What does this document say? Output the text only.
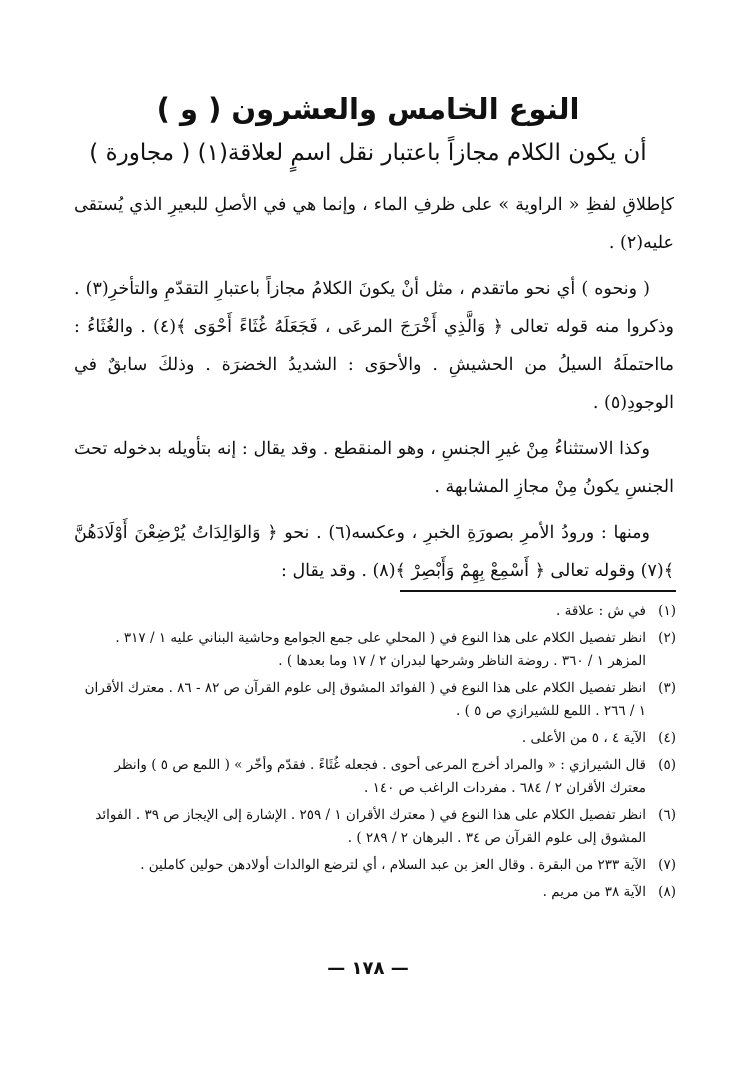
( و ) النوع الخامس والعشرون
أن يكون الكلام مجازاً باعتبار نقل اسمٍ لعلاقة(١) ( مجاورة )

كإطلاقِ لفظِ « الراوية » على ظرفِ الماء ، وإنما هي في الأصلِ للبعيرِ الذي يُستقى عليه(٢) .

( ونحوه ) أي نحو ماتقدم ، مثل أنْ يكونَ الكلامُ مجازاً باعتبارِ التقدّمِ والتأخرِ(٣) . وذكروا منه قوله تعالى ﴿ وَالَّذِي أَخْرَجَ المرعَى ، فَجَعَلَهُ غُثَاءً أَحْوَى ﴾(٤) . والغُثَاءُ : مااحتملَهُ السيلُ من الحشيشِ . والأحوَى : الشديدُ الخضرَة . وذلكَ سابقٌ في الوجودِ(٥) .

وكذا الاستثناءُ مِنْ غيرِ الجنسِ ، وهو المنقطع . وقد يقال : إنه بتأويله بدخوله تحتَ الجنسِ يكونُ مِنْ مجازِ المشابهة .

ومنها : ورودُ الأمرِ بصورَةِ الخبرِ ، وعكسه(٦) . نحو ﴿ وَالوَالِدَاتُ يُرْضِعْنَ أَوْلَادَهُنَّ ﴾(٧) وقوله تعالى ﴿ أَسْمِعْ بِهِمْ وَأَبْصِرْ ﴾(٨) . وقد يقال :

(١)
في ش : علاقة .
(٢)
انظر تفصيل الكلام على هذا النوع في ( المحلي على جمع الجوامع وحاشية البناني عليه ١ / ٣١٧ . المزهر ١ / ٣٦٠ . روضة الناظر وشرحها لبدران ٢ / ١٧ وما بعدها ) .
(٣)
انظر تفصيل الكلام على هذا النوع في ( الفوائد المشوق إلى علوم القرآن ص ٨٢ - ٨٦ . معترك الأقران ١ / ٢٦٦ . اللمع للشيرازي ص ٥ ) .
(٤)
الآية ٤ ، ٥ من الأعلى .
(٥)
قال الشيرازي : « والمراد أخرج المرعى أحوى . فجعله غُثَاءً . فقدّم وأخّر » ( اللمع ص ٥ ) وانظر معترك الأقران ٢ / ٦٨٤ . مفردات الراغب ص ١٤٠ .
(٦)
انظر تفصيل الكلام على هذا النوع في ( معترك الأقران ١ / ٢٥٩ . الإشارة إلى الإيجاز ص ٣٩ . الفوائد المشوق إلى علوم القرآن ص ٣٤ . البرهان ٢ / ٢٨٩ ) .
(٧)
الآية ٢٣٣ من البقرة . وقال العز بن عبد السلام ، أي لترضع الوالدات أولادهن حولين كاملين .
(٨)
الآية ٣٨ من مريم .
— ١٧٨ —
